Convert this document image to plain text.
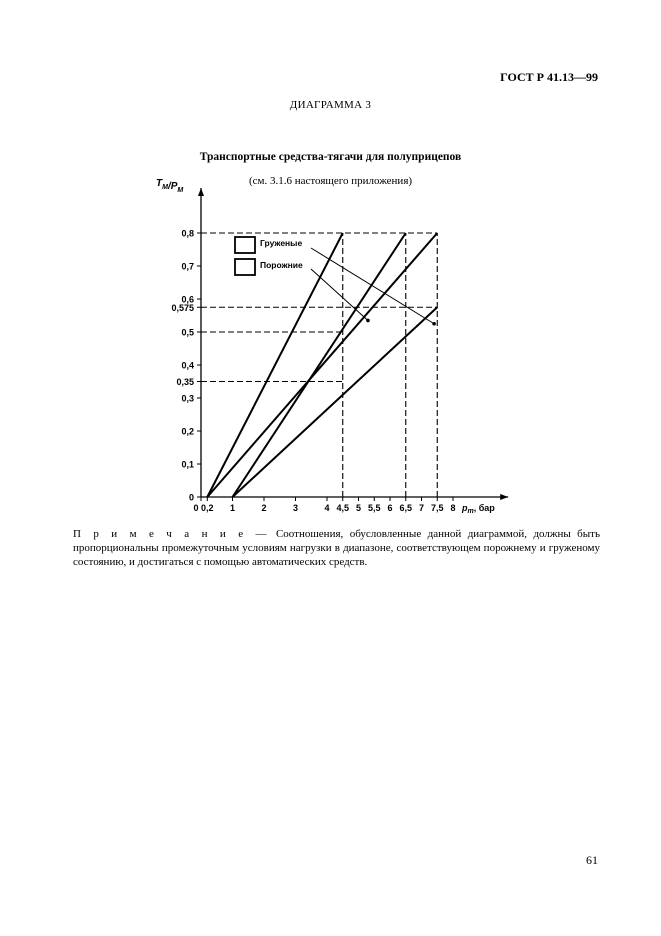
ГОСТ Р 41.13—99
ДИАГРАММА 3
Транспортные средства-тягачи для полуприцепов
(см. 3.1.6 настоящего приложения)
0
0,1
0,2
0,3
0,35
0,4
0,5
0,575
0,6
0,7
0,8
0 0,2 1	2	3	4 4,5 5 5,5 6 6,5 7 7,5 8
$T_M/P_M$
$p_m$, бар
Груженые
Порожние
П р и м е ч а н и е — Соотношения, обусловленные данной диаграммой, должны быть пропорциональны промежуточным условиям нагрузки в диапазоне, соответствующем порожнему и груженому состоянию, и достигаться с помощью автоматических средств.
61
